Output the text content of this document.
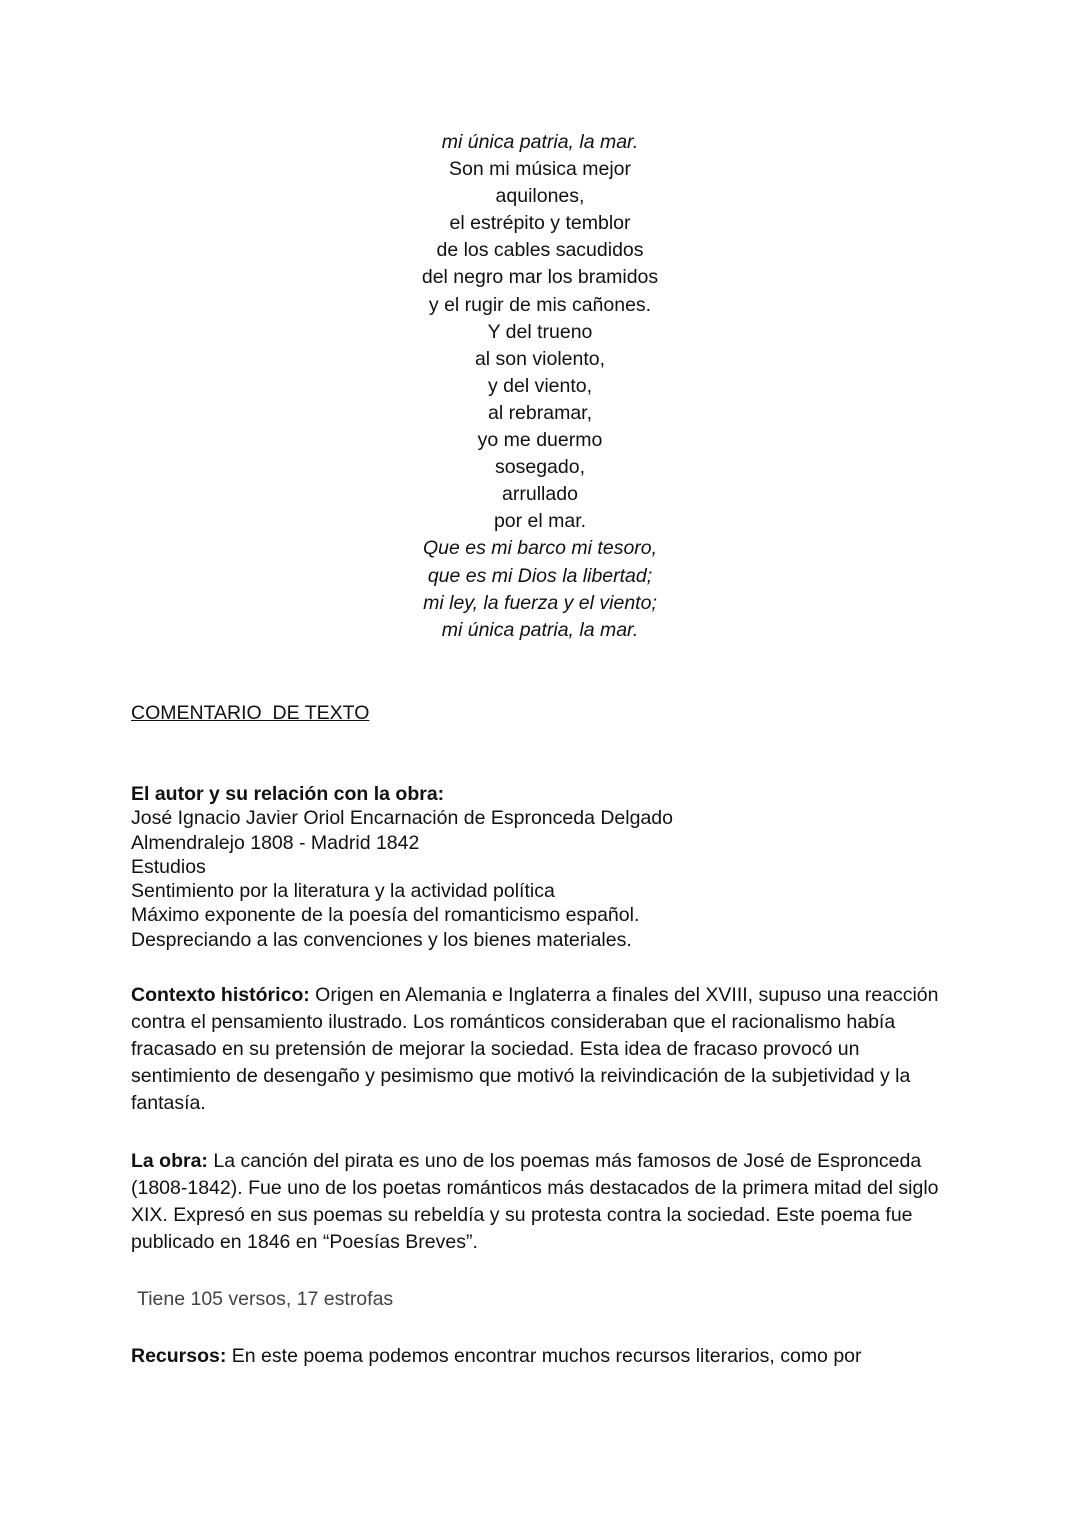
mi única patria, la mar.
Son mi música mejor
aquilones,
el estrépito y temblor
de los cables sacudidos
del negro mar los bramidos
y el rugir de mis cañones.
Y del trueno
al son violento,
y del viento,
al rebramar,
yo me duermo
sosegado,
arrullado
por el mar.
Que es mi barco mi tesoro,
que es mi Dios la libertad;
mi ley, la fuerza y el viento;
mi única patria, la mar.

COMENTARIO  DE TEXTO

El autor y su relación con la obra:
José Ignacio Javier Oriol Encarnación de Espronceda Delgado
Almendralejo 1808 - Madrid 1842
Estudios
Sentimiento por la literatura y la actividad política
Máximo exponente de la poesía del romanticismo español.
Despreciando a las convenciones y los bienes materiales.

Contexto histórico: Origen en Alemania e Inglaterra a finales del XVIII, supuso una reacción contra el pensamiento ilustrado. Los románticos consideraban que el racionalismo había fracasado en su pretensión de mejorar la sociedad. Esta idea de fracaso provocó un sentimiento de desengaño y pesimismo que motivó la reivindicación de la subjetividad y la fantasía.

La obra: La canción del pirata es uno de los poemas más famosos de José de Espronceda (1808-1842). Fue uno de los poetas románticos más destacados de la primera mitad del siglo XIX. Expresó en sus poemas su rebeldía y su protesta contra la sociedad. Este poema fue publicado en 1846 en “Poesías Breves”.

Tiene 105 versos, 17 estrofas

Recursos: En este poema podemos encontrar muchos recursos literarios, como por
